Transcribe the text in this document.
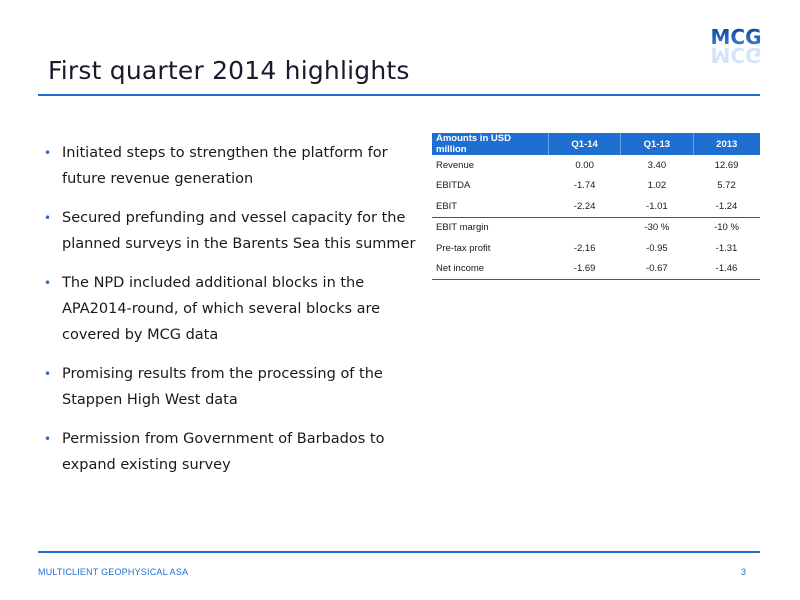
First quarter 2014 highlights
MCG
MCG
• Initiated steps to strengthen the platform for future revenue generation
• Secured prefunding and vessel capacity for the planned surveys in the Barents Sea this summer
• The NPD included additional blocks in the APA2014-round, of which several blocks are covered by MCG data
• Promising results from the processing of the Stappen High West data
• Permission from Government of Barbados to expand existing survey
Amounts in USD million	Q1-14	Q1-13	2013
Revenue	0.00	3.40	12.69
EBITDA	-1.74	1.02	5.72
EBIT	-2.24	-1.01	-1.24
EBIT margin		-30 %	-10 %
Pre-tax profit	-2.16	-0.95	-1.31
Net income	-1.69	-0.67	-1.46
MULTICLIENT GEOPHYSICAL ASA	3
